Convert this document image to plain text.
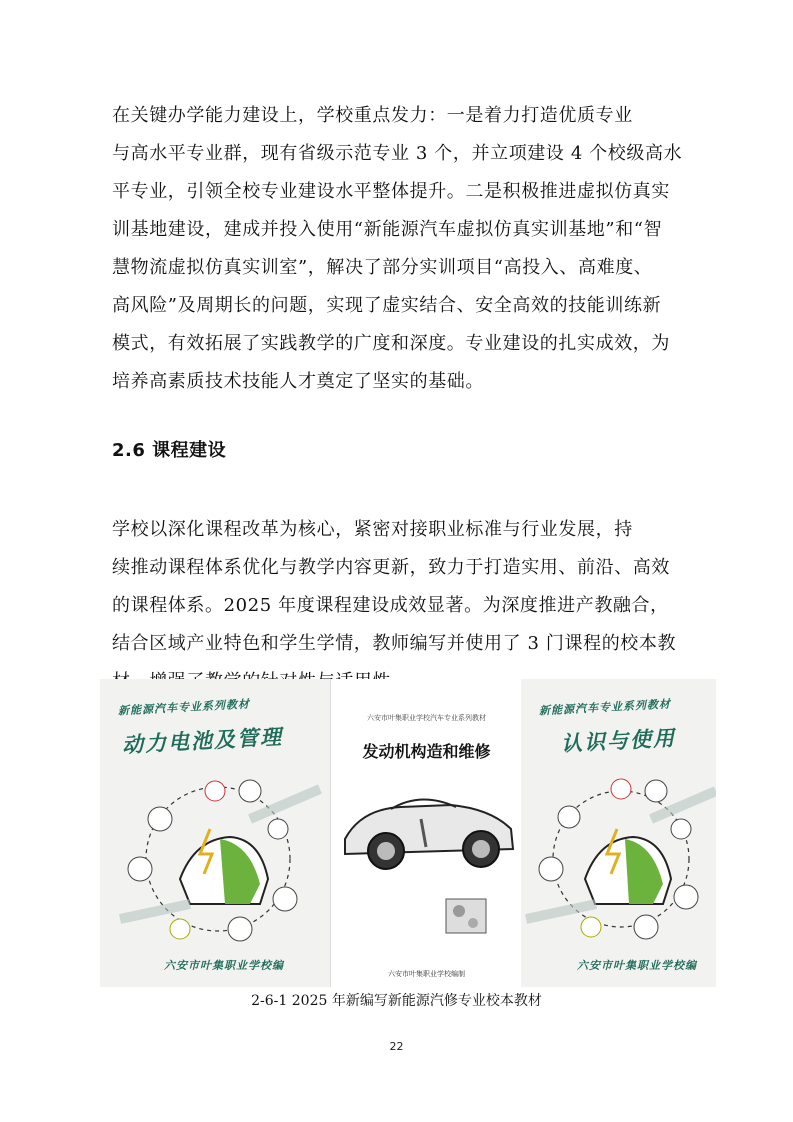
在关键办学能力建设上，学校重点发力：一是着力打造优质专业
与高水平专业群，现有省级示范专业 3 个，并立项建设 4 个校级高水
平专业，引领全校专业建设水平整体提升。二是积极推进虚拟仿真实
训基地建设，建成并投入使用“新能源汽车虚拟仿真实训基地”和“智
慧物流虚拟仿真实训室”，解决了部分实训项目“高投入、高难度、
高风险”及周期长的问题，实现了虚实结合、安全高效的技能训练新
模式，有效拓展了实践教学的广度和深度。专业建设的扎实成效，为
培养高素质技术技能人才奠定了坚实的基础。
2.6 课程建设
学校以深化课程改革为核心，紧密对接职业标准与行业发展，持
续推动课程体系优化与教学内容更新，致力于打造实用、前沿、高效
的课程体系。2025 年度课程建设成效显著。为深度推进产教融合，
结合区域产业特色和学生学情，教师编写并使用了 3 门课程的校本教
新能源汽车专业系列教材
动力电池及管理
六安市叶集职业学校编
六安市叶集职业学校汽车专业系列教材
发动机构造和维修
六安市叶集职业学校编制
新能源汽车专业系列教材
认识与使用
六安市叶集职业学校编
2-6-1 2025 年新编写新能源汽修专业校本教材
22
